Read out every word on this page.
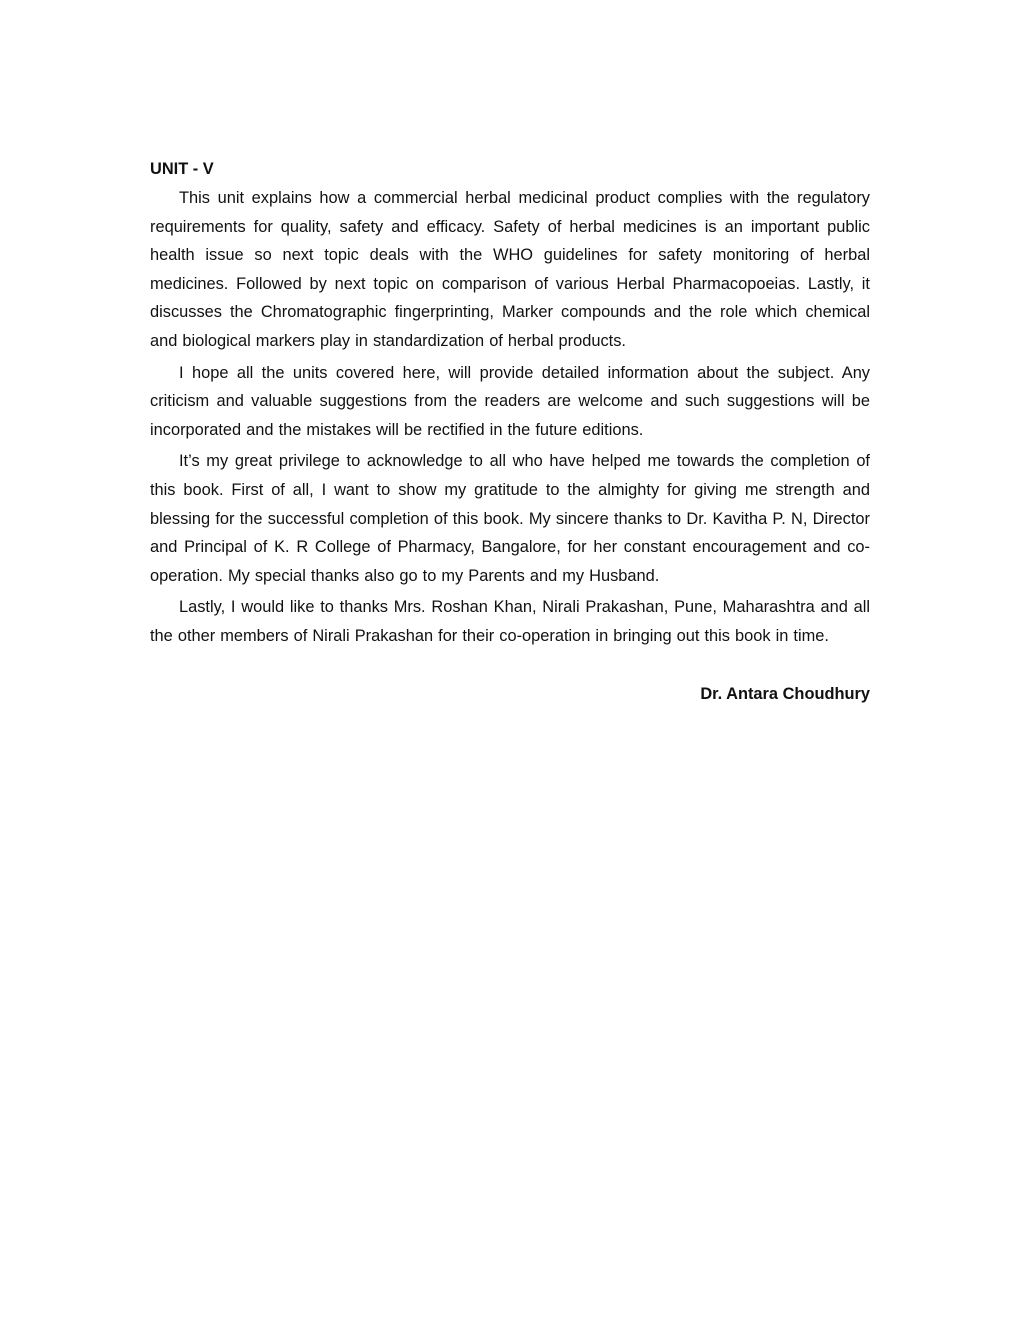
UNIT - V

This unit explains how a commercial herbal medicinal product complies with the regulatory requirements for quality, safety and efficacy. Safety of herbal medicines is an important public health issue so next topic deals with the WHO guidelines for safety monitoring of herbal medicines. Followed by next topic on comparison of various Herbal Pharmacopoeias. Lastly, it discusses the Chromatographic fingerprinting, Marker compounds and the role which chemical and biological markers play in standardization of herbal products.

I hope all the units covered here, will provide detailed information about the subject. Any criticism and valuable suggestions from the readers are welcome and such suggestions will be incorporated and the mistakes will be rectified in the future editions.

It’s my great privilege to acknowledge to all who have helped me towards the completion of this book. First of all, I want to show my gratitude to the almighty for giving me strength and blessing for the successful completion of this book. My sincere thanks to Dr. Kavitha P. N, Director and Principal of K. R College of Pharmacy, Bangalore, for her constant encouragement and co-operation. My special thanks also go to my Parents and my Husband.

Lastly, I would like to thanks Mrs. Roshan Khan, Nirali Prakashan, Pune, Maharashtra and all the other members of Nirali Prakashan for their co-operation in bringing out this book in time.

Dr. Antara Choudhury
